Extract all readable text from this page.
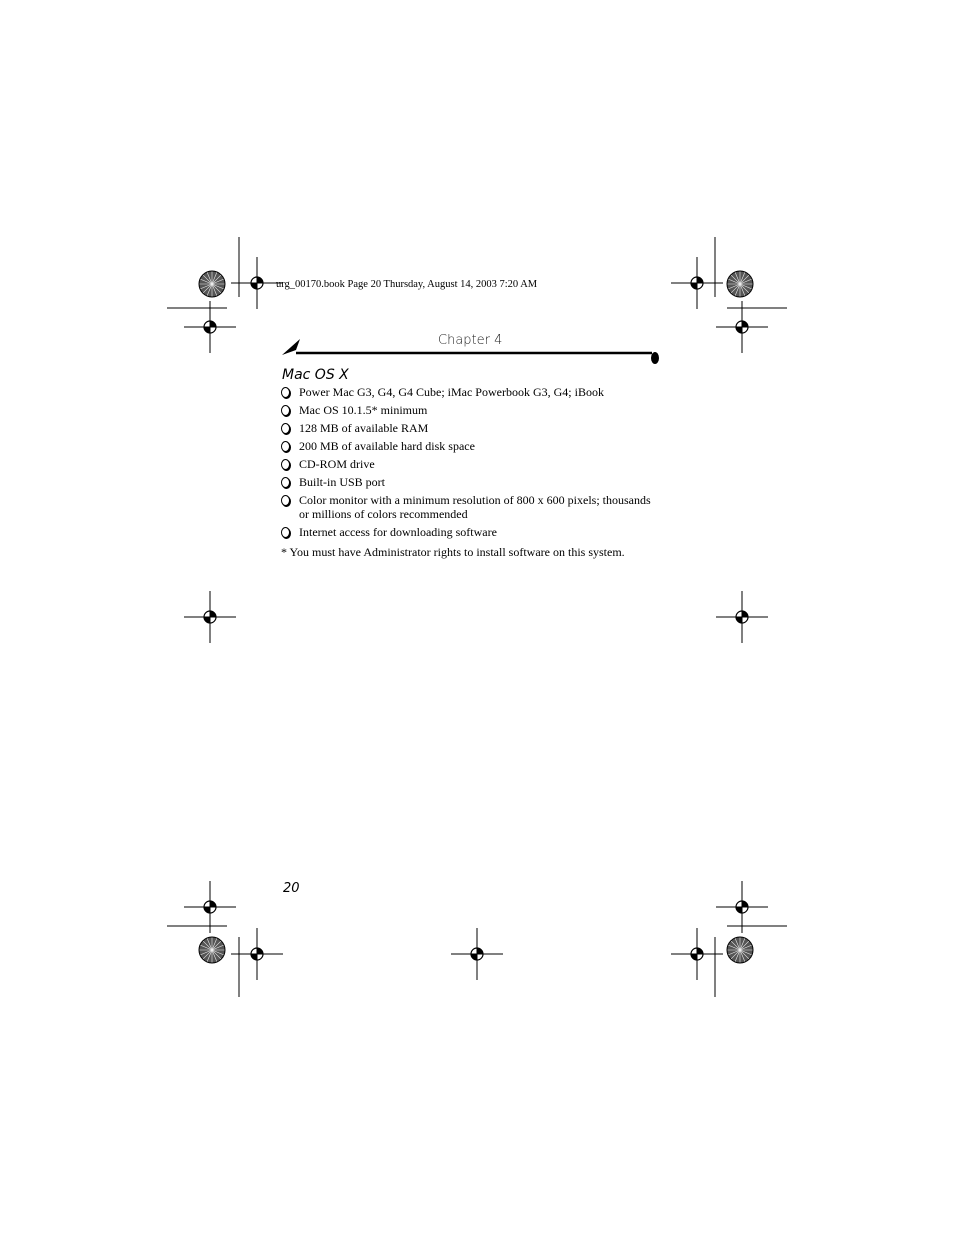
urg_00170.book Page 20 Thursday, August 14, 2003 7:20 AM
Chapter 4
Mac OS X
Power Mac G3, G4, G4 Cube; iMac Powerbook G3, G4; iBook
Mac OS 10.1.5* minimum
128 MB of available RAM
200 MB of available hard disk space
CD-ROM drive
Built-in USB port
Color monitor with a minimum resolution of 800 x 600 pixels; thousands or millions of colors recommended
Internet access for downloading software
* You must have Administrator rights to install software on this system.
20
